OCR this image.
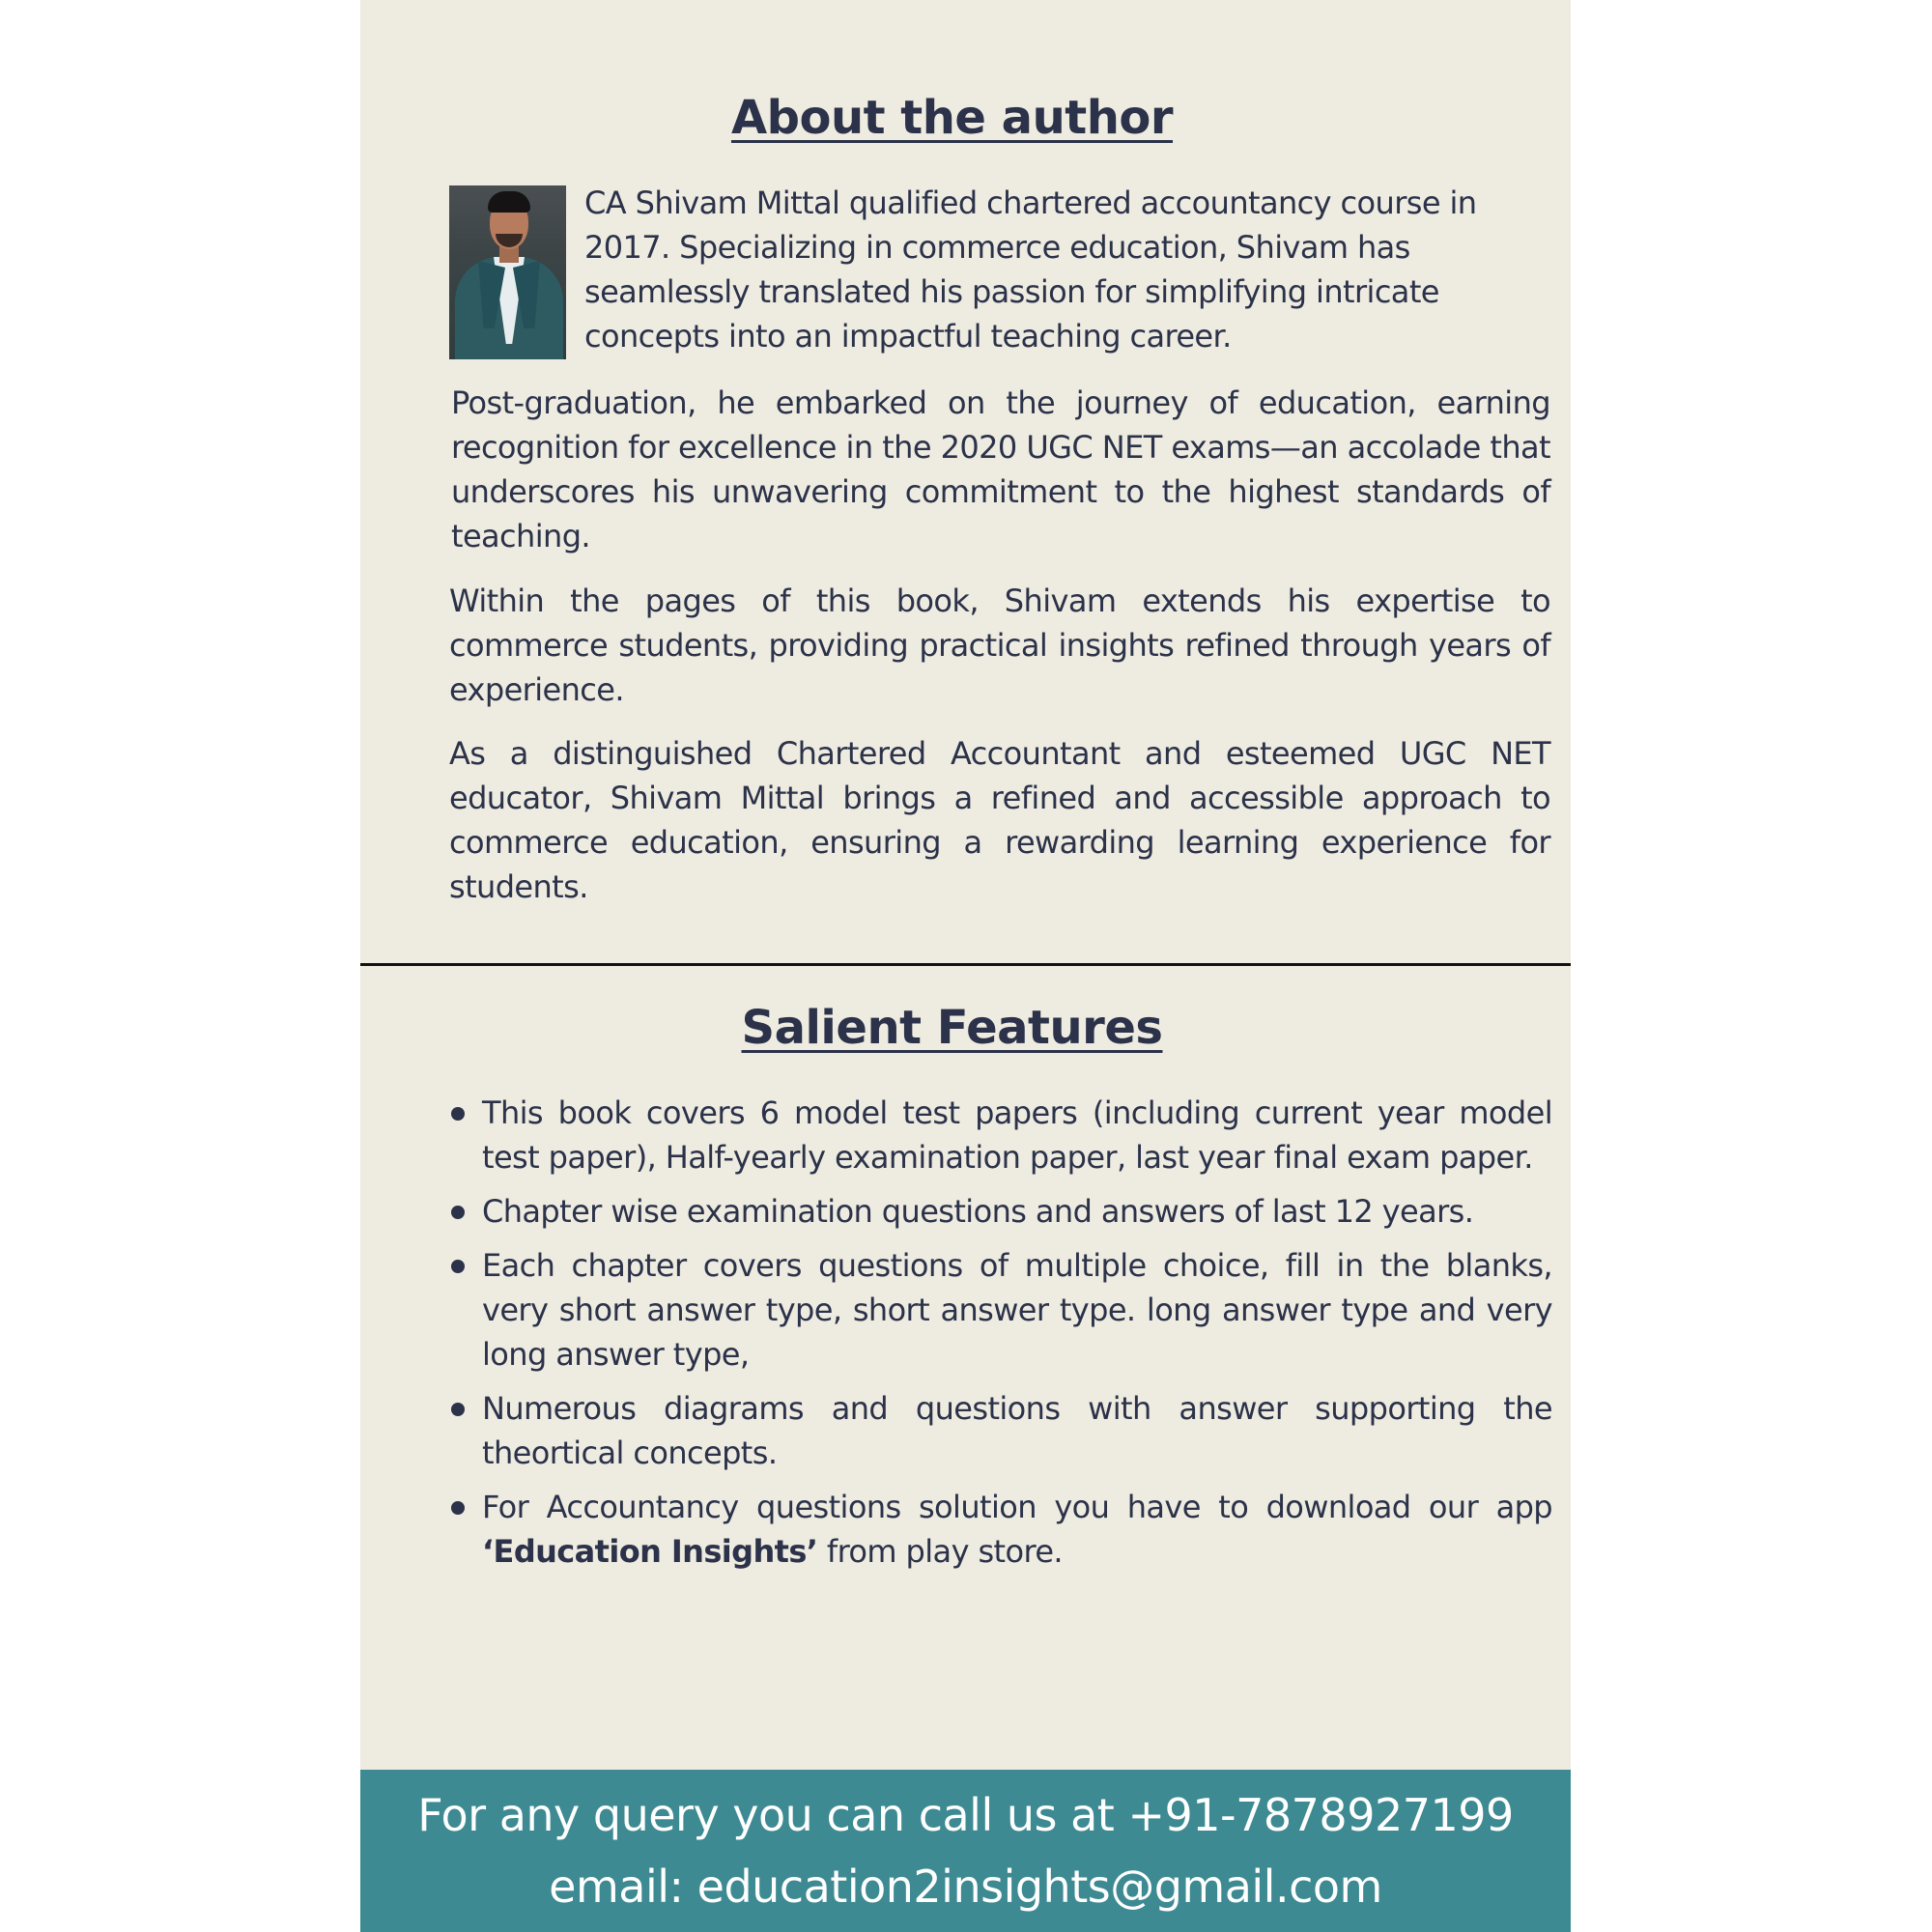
About the author

CA Shivam Mittal qualified chartered accountancy course in 2017. Specializing in commerce education, Shivam has seamlessly translated his passion for simplifying intricate concepts into an impactful teaching career.

Post-graduation, he embarked on the journey of education, earning recognition for excellence in the 2020 UGC NET exams—an accolade that underscores his unwavering commitment to the highest standards of teaching.

Within the pages of this book, Shivam extends his expertise to commerce students, providing practical insights refined through years of experience.

As a distinguished Chartered Accountant and esteemed UGC NET educator, Shivam Mittal brings a refined and accessible approach to commerce education, ensuring a rewarding learning experience for students.

Salient Features
This book covers 6 model test papers (including current year model test paper), Half-yearly examination paper, last year final exam paper.
Chapter wise examination questions and answers of last 12 years.
Each chapter covers questions of multiple choice, fill in the blanks, very short answer type, short answer type. long answer type and very long answer type,
Numerous diagrams and questions with answer supporting the theortical concepts.
For Accountancy questions solution you have to download our app ‘Education Insights’ from play store.
For any query you can call us at +91-7878927199
email: education2insights@gmail.com
